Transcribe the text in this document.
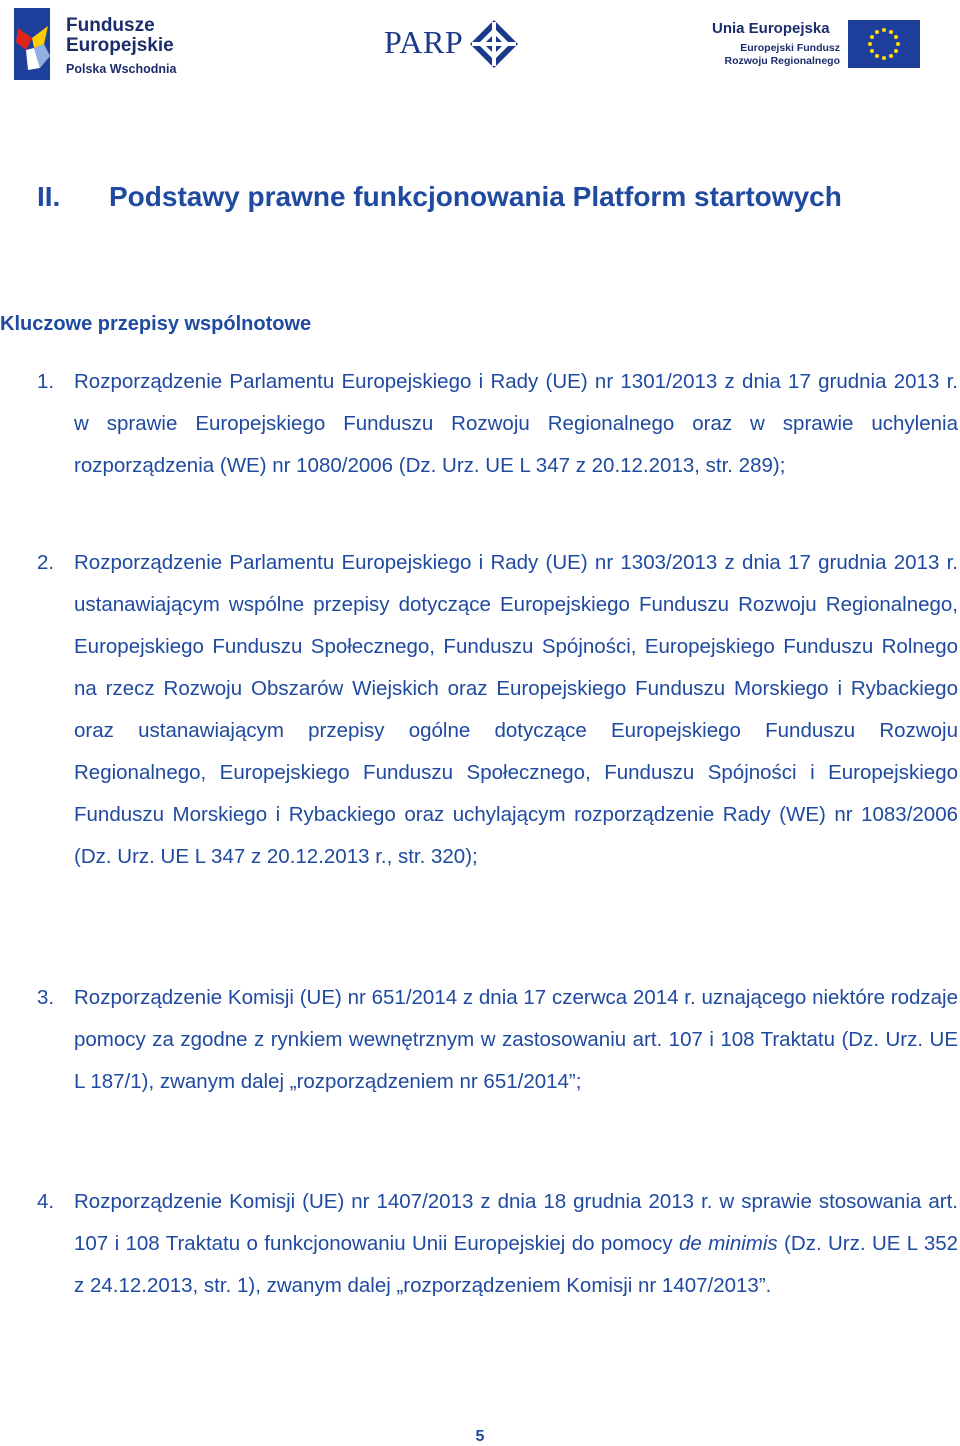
Fundusze
Europejskie
Polska Wschodnia
PARP	Unia Europejska
Europejski Fundusz
Rozwoju Regionalnego
II. Podstawy prawne funkcjonowania Platform startowych
Kluczowe przepisy wspólnotowe
1. Rozporządzenie Parlamentu Europejskiego i Rady (UE) nr 1301/2013 z dnia 17 grudnia 2013 r. w sprawie Europejskiego Funduszu Rozwoju Regionalnego oraz w sprawie uchylenia rozporządzenia (WE) nr 1080/2006 (Dz. Urz. UE L 347 z 20.12.2013, str. 289);
2. Rozporządzenie Parlamentu Europejskiego i Rady (UE) nr 1303/2013 z dnia 17 grudnia 2013 r. ustanawiającym wspólne przepisy dotyczące Europejskiego Funduszu Rozwoju Regionalnego, Europejskiego Funduszu Społecznego, Funduszu Spójności, Europejskiego Funduszu Rolnego na rzecz Rozwoju Obszarów Wiejskich oraz Europejskiego Funduszu Morskiego i Rybackiego oraz ustanawiającym przepisy ogólne dotyczące Europejskiego Funduszu Rozwoju Regionalnego, Europejskiego Funduszu Społecznego, Funduszu Spójności i Europejskiego Funduszu Morskiego i Rybackiego oraz uchylającym rozporządzenie Rady (WE) nr 1083/2006 (Dz. Urz. UE L 347 z 20.12.2013 r., str. 320);
3. Rozporządzenie Komisji (UE) nr 651/2014 z dnia 17 czerwca 2014 r. uznającego niektóre rodzaje pomocy za zgodne z rynkiem wewnętrznym w zastosowaniu art. 107 i 108 Traktatu (Dz. Urz. UE L 187/1), zwanym dalej „rozporządzeniem nr 651/2014”;
4. Rozporządzenie Komisji (UE) nr 1407/2013 z dnia 18 grudnia 2013 r. w sprawie stosowania art. 107 i 108 Traktatu o funkcjonowaniu Unii Europejskiej do pomocy de minimis (Dz. Urz. UE L 352 z 24.12.2013, str. 1), zwanym dalej „rozporządzeniem Komisji nr 1407/2013”.
5
